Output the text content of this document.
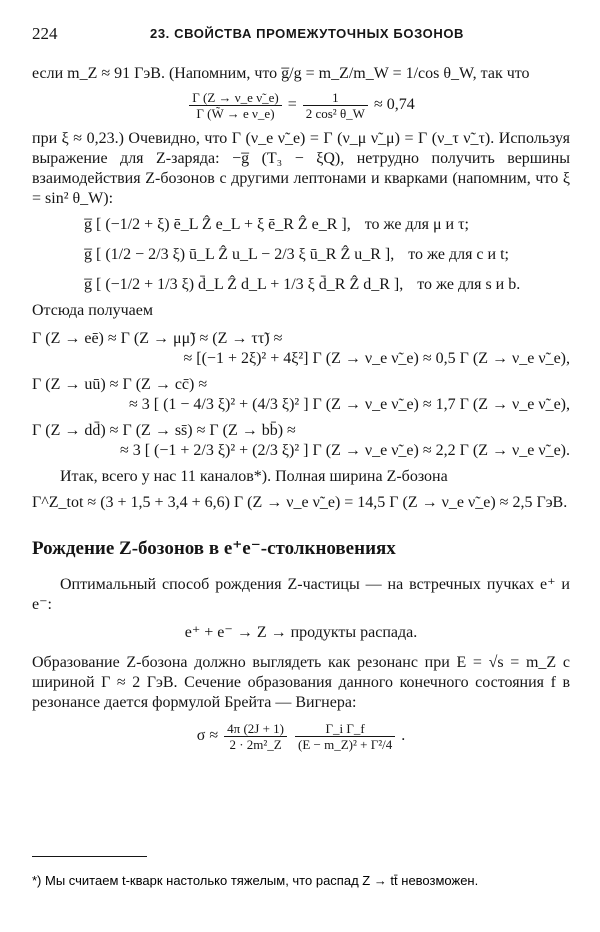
224	23. СВОЙСТВА ПРОМЕЖУТОЧНЫХ БОЗОНОВ

если m_Z ≈ 91 ГэВ. (Напомним, что g̅/g = m_Z/m_W = 1/cos θ_W, так что

$\frac{\text{Γ (Z → ν\_e ν̃\_e)}}{\text{Γ (W̃ → e ν\_e)}} = \frac{1}{\text{2 cos² θ\_W}} \approx 0,74$

при ξ ≈ 0,23.) Очевидно, что Γ (ν_e ν̃_e) = Γ (ν_μ ν̃_μ) = Γ (ν_τ ν̃_τ). Используя выражение для Z-заряда: −g̅ (T₃ − ξQ), нетрудно получить вершины взаимодействия Z-бозонов с другими лептонами и кварками (напомним, что ξ = sin² θ_W):

g̅ [ (−1/2 + ξ) ē_L Ẑ e_L + ξ ē_R Ẑ e_R ], то же для μ и τ;

g̅ [ (1/2 − 2/3 ξ) ū_L Ẑ u_L − 2/3 ξ ū_R Ẑ u_R ], то же для c и t;

g̅ [ (−1/2 + 1/3 ξ) d̄_L Ẑ d_L + 1/3 ξ d̄_R Ẑ d_R ], то же для s и b.

Отсюда получаем

Γ (Z → eē) ≈ Γ (Z → μμ̃) ≈ (Z → ττ̃) ≈

≈ [(−1 + 2ξ)² + 4ξ²] Γ (Z → ν_e ν̃_e) ≈ 0,5 Γ (Z → ν_e ν̃_e),

Γ (Z → uū) ≈ Γ (Z → cc̄) ≈

≈ 3 [ (1 − 4/3 ξ)² + (4/3 ξ)² ] Γ (Z → ν_e ν̃_e) ≈ 1,7 Γ (Z → ν_e ν̃_e),

Γ (Z → dd̄) ≈ Γ (Z → ss̄) ≈ Γ (Z → bb̄) ≈

≈ 3 [ (−1 + 2/3 ξ)² + (2/3 ξ)² ] Γ (Z → ν_e ν̃_e) ≈ 2,2 Γ (Z → ν_e ν̃_e).

Итак, всего у нас 11 каналов*). Полная ширина Z-бозона

Γ^Z_tot ≈ (3 + 1,5 + 3,4 + 6,6) Γ (Z → ν_e ν̃_e) = 14,5 Γ (Z → ν_e ν̃_e) ≈ 2,5 ГэВ.

Рождение Z-бозонов в e⁺e⁻-столкновениях

Оптимальный способ рождения Z-частицы — на встречных пучках e⁺ и e⁻:

e⁺ + e⁻ → Z → продукты распада.

Образование Z-бозона должно выглядеть как резонанс при E = √s = m_Z с шириной Γ ≈ 2 ГэВ. Сечение образования данного конечного состояния f в резонансе дается формулой Брейта — Вигнера:

$\sigma \approx \frac{4\pi (2J + 1)}{\text{2 · 2m²\_Z}}$
$\frac{\text{Γ\_i Γ\_f}}{\text{(E − m\_Z)² + Γ²/4}}$ .
*) Мы считаем t-кварк настолько тяжелым, что распад Z → tt̄ невозможен.
